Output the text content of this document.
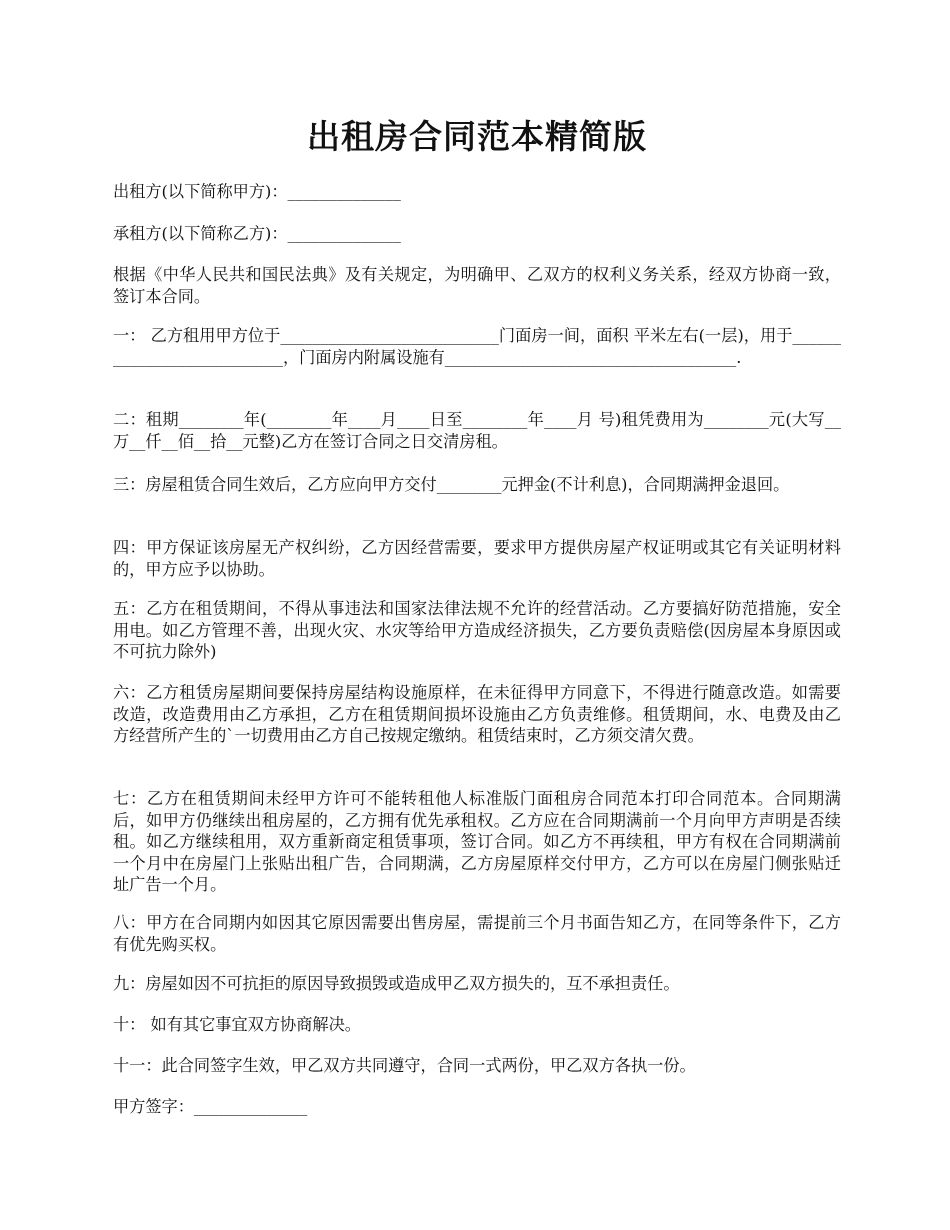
出租房合同范本精简版
出租方(以下简称甲方)：______________
承租方(以下简称乙方)：______________
根据《中华人民共和国民法典》及有关规定，为明确甲、乙双方的权利义务关系，经双方协商一致，签订本合同。
一： 乙方租用甲方位于___________________________门面房一间，面积 平米左右(一层)，用于___________________________，门面房内附属设施有____________________________________.
二：租期________年(________年____月____日至________年____月 号)租凭费用为________元(大写__万__仟__佰__拾__元整)乙方在签订合同之日交清房租。
三：房屋租赁合同生效后，乙方应向甲方交付________元押金(不计利息)，合同期满押金退回。
四：甲方保证该房屋无产权纠纷，乙方因经营需要，要求甲方提供房屋产权证明或其它有关证明材料的，甲方应予以协助。
五：乙方在租赁期间，不得从事违法和国家法律法规不允许的经营活动。乙方要搞好防范措施，安全用电。如乙方管理不善，出现火灾、水灾等给甲方造成经济损失，乙方要负责赔偿(因房屋本身原因或不可抗力除外)
六：乙方租赁房屋期间要保持房屋结构设施原样，在未征得甲方同意下，不得进行随意改造。如需要改造，改造费用由乙方承担，乙方在租赁期间损坏设施由乙方负责维修。租赁期间，水、电费及由乙方经营所产生的`一切费用由乙方自己按规定缴纳。租赁结束时，乙方须交清欠费。
七：乙方在租赁期间未经甲方许可不能转租他人标准版门面租房合同范本打印合同范本。合同期满后，如甲方仍继续出租房屋的，乙方拥有优先承租权。乙方应在合同期满前一个月向甲方声明是否续租。如乙方继续租用，双方重新商定租赁事项，签订合同。如乙方不再续租，甲方有权在合同期满前一个月中在房屋门上张贴出租广告，合同期满，乙方房屋原样交付甲方，乙方可以在房屋门侧张贴迁址广告一个月。
八：甲方在合同期内如因其它原因需要出售房屋，需提前三个月书面告知乙方，在同等条件下，乙方有优先购买权。
九：房屋如因不可抗拒的原因导致损毁或造成甲乙双方损失的，互不承担责任。
十： 如有其它事宜双方协商解决。
十一：此合同签字生效，甲乙双方共同遵守，合同一式两份，甲乙双方各执一份。
甲方签字：______________
